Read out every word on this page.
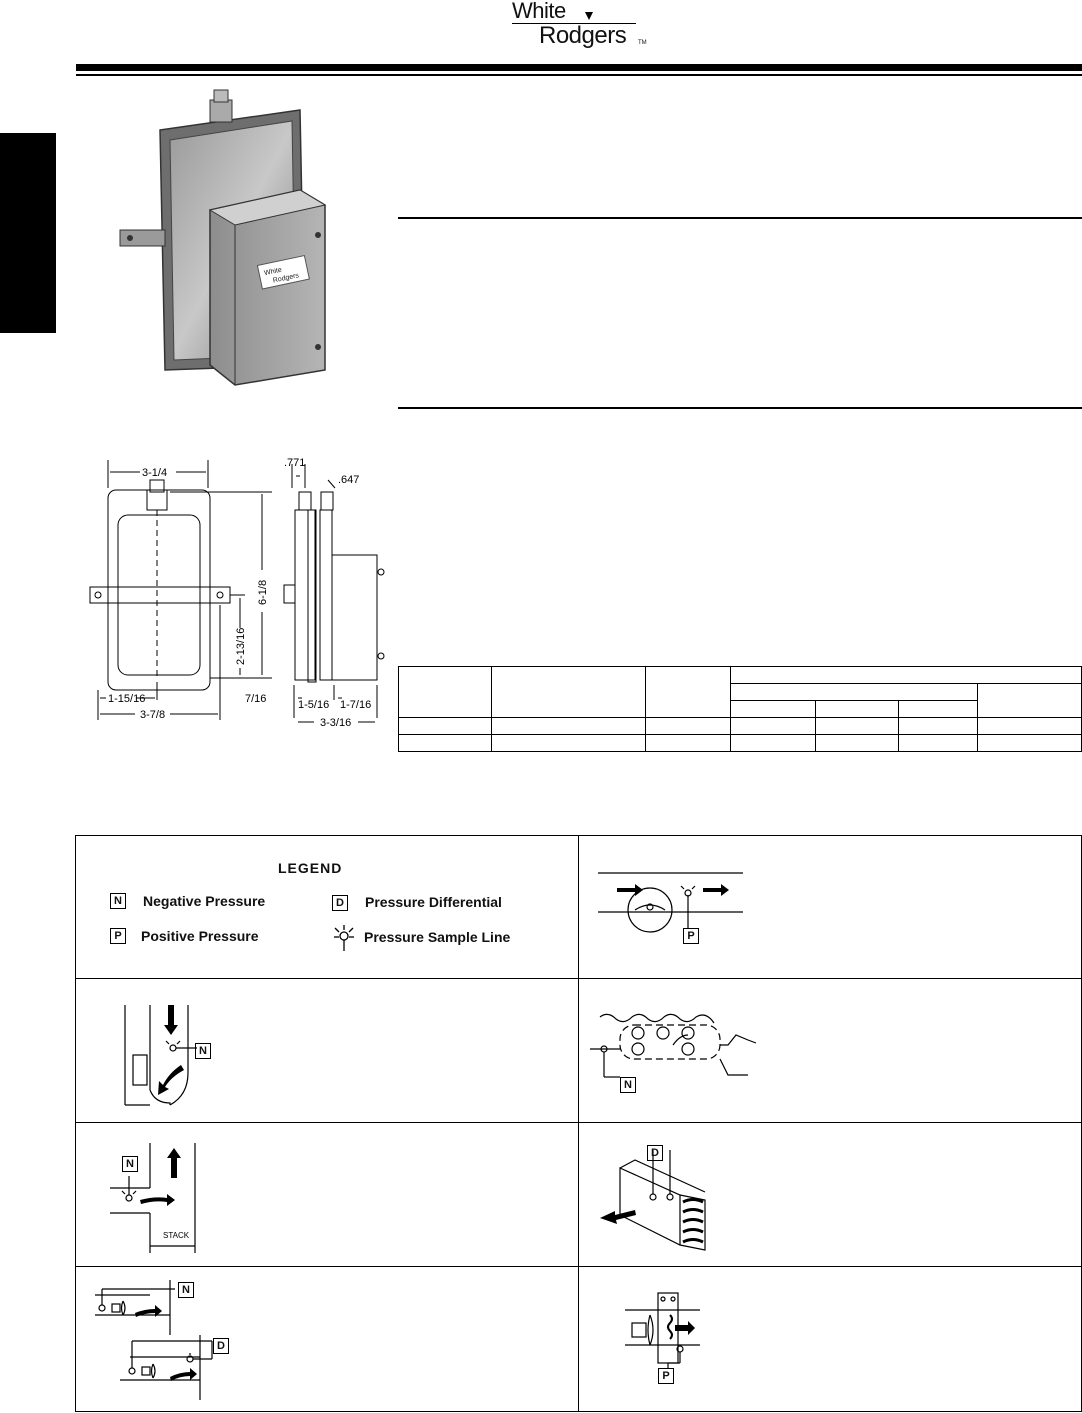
White
Rodgers TM
White
Rodgers
3-1/4
.771
.647
6-1/8
2-13/16
7/16
1-15/16
3-7/8
1-5/16 1-7/16
3-3/16

LEGEND
N Negative Pressure
P	Positive Pressure
D Pressure Differential
Pressure Sample Line	P
N
N
STACK
N
D
N
D
P
